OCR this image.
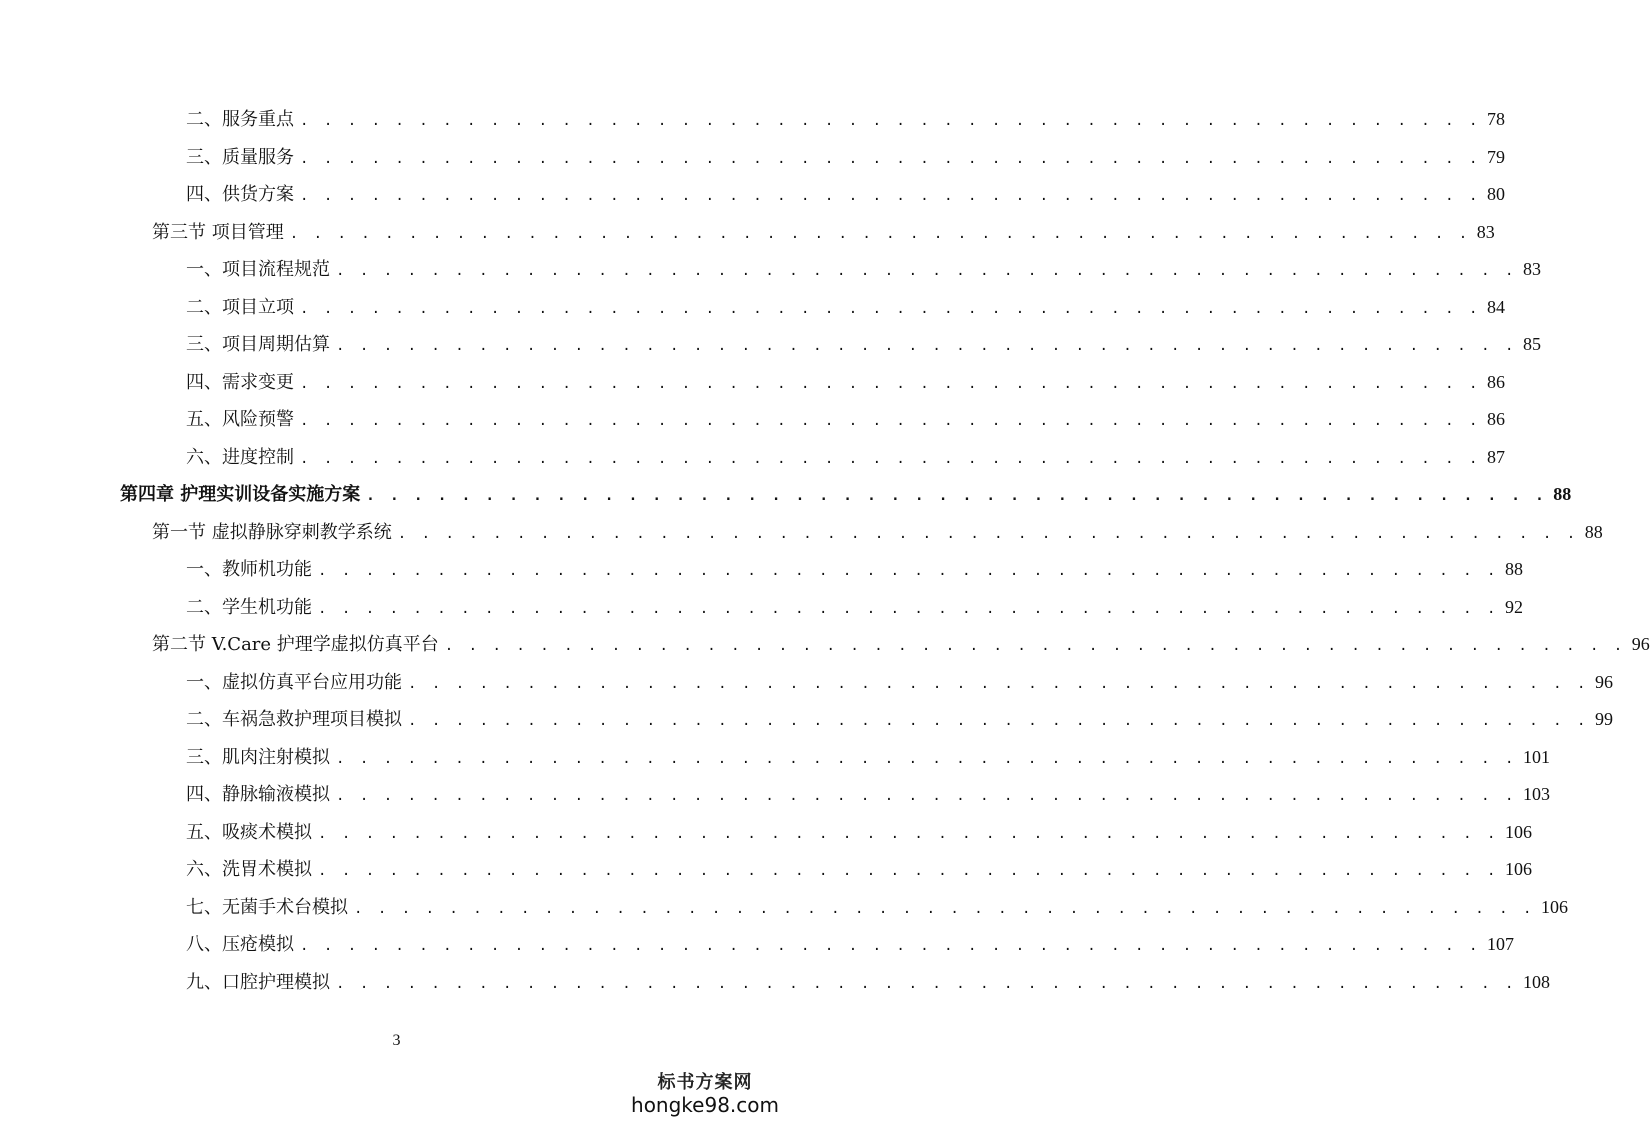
二、服务重点 . . . . . . . . . . . . . . . . . . . . . . . . . . . . . . . . . . . . . . . . . . . . . . . . . . 78
三、质量服务 . . . . . . . . . . . . . . . . . . . . . . . . . . . . . . . . . . . . . . . . . . . . . . . . . . 79
四、供货方案 . . . . . . . . . . . . . . . . . . . . . . . . . . . . . . . . . . . . . . . . . . . . . . . . . . 80
第三节 项目管理 . . . . . . . . . . . . . . . . . . . . . . . . . . . . . . . . . . . . . . . . . . . . . . . . . . 83
一、项目流程规范 . . . . . . . . . . . . . . . . . . . . . . . . . . . . . . . . . . . . . . . . . . . . . . . . . . 83
二、项目立项 . . . . . . . . . . . . . . . . . . . . . . . . . . . . . . . . . . . . . . . . . . . . . . . . . . 84
三、项目周期估算 . . . . . . . . . . . . . . . . . . . . . . . . . . . . . . . . . . . . . . . . . . . . . . . . . . 85
四、需求变更 . . . . . . . . . . . . . . . . . . . . . . . . . . . . . . . . . . . . . . . . . . . . . . . . . . 86
五、风险预警 . . . . . . . . . . . . . . . . . . . . . . . . . . . . . . . . . . . . . . . . . . . . . . . . . . 86
六、进度控制 . . . . . . . . . . . . . . . . . . . . . . . . . . . . . . . . . . . . . . . . . . . . . . . . . . 87
第四章 护理实训设备实施方案 . . . . . . . . . . . . . . . . . . . . . . . . . . . . . . . . . . . . . . . . . . . . . . . . . . 88
第一节 虚拟静脉穿刺教学系统 . . . . . . . . . . . . . . . . . . . . . . . . . . . . . . . . . . . . . . . . . . . . . . . . . . 88
一、教师机功能 . . . . . . . . . . . . . . . . . . . . . . . . . . . . . . . . . . . . . . . . . . . . . . . . . . 88
二、学生机功能 . . . . . . . . . . . . . . . . . . . . . . . . . . . . . . . . . . . . . . . . . . . . . . . . . . 92
第二节 V.Care 护理学虚拟仿真平台 . . . . . . . . . . . . . . . . . . . . . . . . . . . . . . . . . . . . . . . . . . . . . . . . . . 96
一、虚拟仿真平台应用功能 . . . . . . . . . . . . . . . . . . . . . . . . . . . . . . . . . . . . . . . . . . . . . . . . . . 96
二、车祸急救护理项目模拟 . . . . . . . . . . . . . . . . . . . . . . . . . . . . . . . . . . . . . . . . . . . . . . . . . . 99
三、肌肉注射模拟 . . . . . . . . . . . . . . . . . . . . . . . . . . . . . . . . . . . . . . . . . . . . . . . . . . 101
四、静脉输液模拟 . . . . . . . . . . . . . . . . . . . . . . . . . . . . . . . . . . . . . . . . . . . . . . . . . . 103
五、吸痰术模拟 . . . . . . . . . . . . . . . . . . . . . . . . . . . . . . . . . . . . . . . . . . . . . . . . . . 106
六、洗胃术模拟 . . . . . . . . . . . . . . . . . . . . . . . . . . . . . . . . . . . . . . . . . . . . . . . . . . 106
七、无菌手术台模拟 . . . . . . . . . . . . . . . . . . . . . . . . . . . . . . . . . . . . . . . . . . . . . . . . . . 106
八、压疮模拟 . . . . . . . . . . . . . . . . . . . . . . . . . . . . . . . . . . . . . . . . . . . . . . . . . . 107
九、口腔护理模拟 . . . . . . . . . . . . . . . . . . . . . . . . . . . . . . . . . . . . . . . . . . . . . . . . . . 108
3
标书方案网
hongke98.com
